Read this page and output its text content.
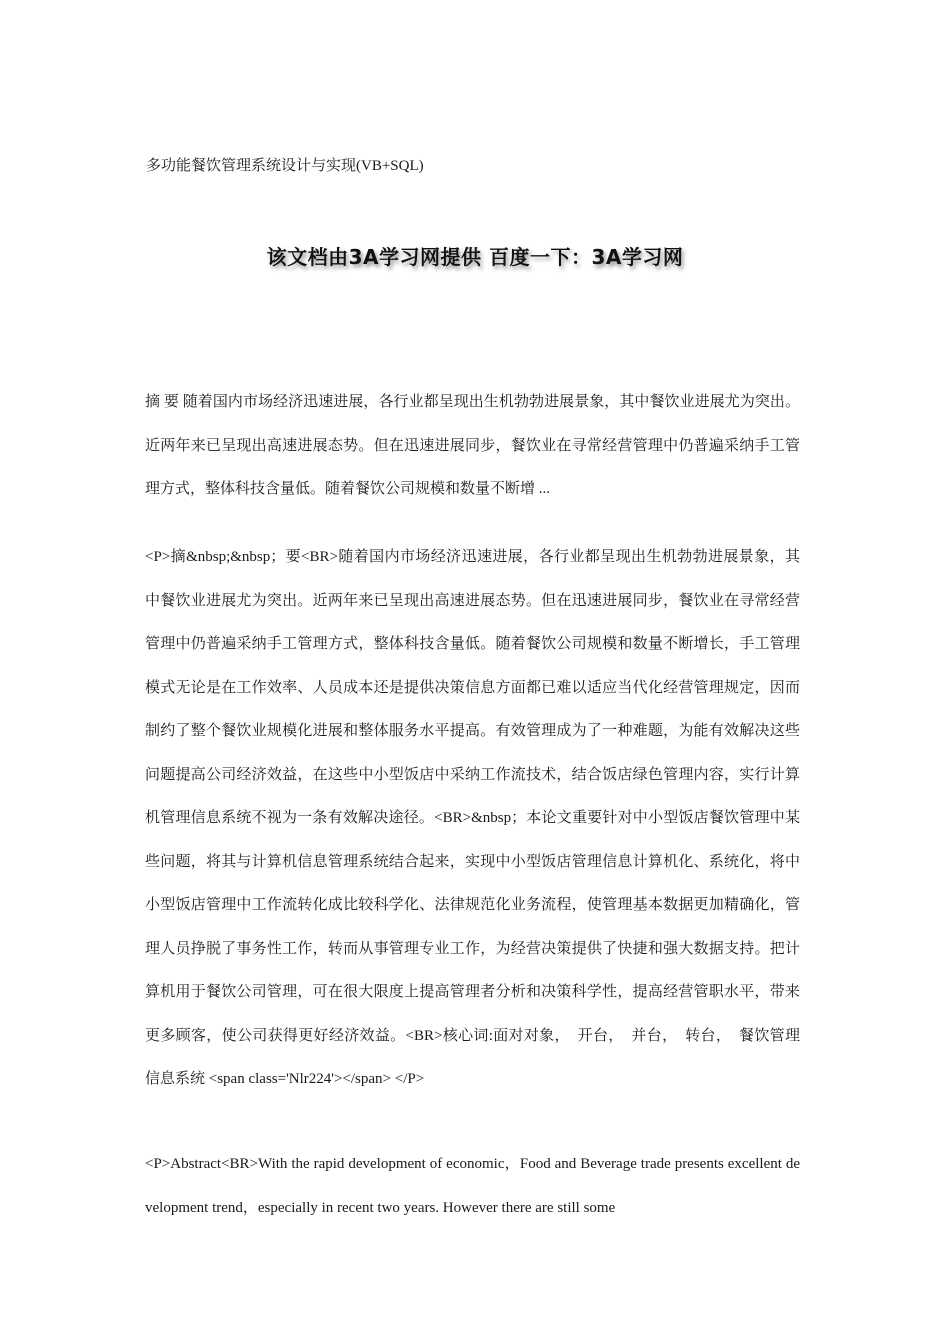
多功能餐饮管理系统设计与实现(VB+SQL)
该文档由3A学习网提供 百度一下：3A学习网
摘 要 随着国内市场经济迅速进展，各行业都呈现出生机勃勃进展景象，其中餐饮业进展尤为突出。近两年来已呈现出高速进展态势。但在迅速进展同步，餐饮业在寻常经营管理中仍普遍采纳手工管理方式，整体科技含量低。随着餐饮公司规模和数量不断增 ...
<P>摘&nbsp;&nbsp；要<BR>随着国内市场经济迅速进展，各行业都呈现出生机勃勃进展景象，其中餐饮业进展尤为突出。近两年来已呈现出高速进展态势。但在迅速进展同步，餐饮业在寻常经营管理中仍普遍采纳手工管理方式，整体科技含量低。随着餐饮公司规模和数量不断增长，手工管理模式无论是在工作效率、人员成本还是提供决策信息方面都已难以适应当代化经营管理规定，因而制约了整个餐饮业规模化进展和整体服务水平提高。有效管理成为了一种难题，为能有效解决这些问题提高公司经济效益，在这些中小型饭店中采纳工作流技术，结合饭店绿色管理内容，实行计算机管理信息系统不视为一条有效解决途径。<BR>&nbsp；本论文重要针对中小型饭店餐饮管理中某些问题，将其与计算机信息管理系统结合起来，实现中小型饭店管理信息计算机化、系统化，将中小型饭店管理中工作流转化成比较科学化、法律规范化业务流程，使管理基本数据更加精确化，管理人员挣脱了事务性工作，转而从事管理专业工作，为经营决策提供了快捷和强大数据支持。把计算机用于餐饮公司管理，可在很大限度上提高管理者分析和决策科学性，提高经营管职水平，带来更多顾客，使公司获得更好经济效益。<BR>核心词:面对对象，　开台，　并台，　转台，　餐饮管理信息系统 <span class='Nlr224'></span> </P>
<P>Abstract<BR>With the rapid development of economic，Food and Beverage trade presents excellent development trend，especially in recent two years. However there are still some
